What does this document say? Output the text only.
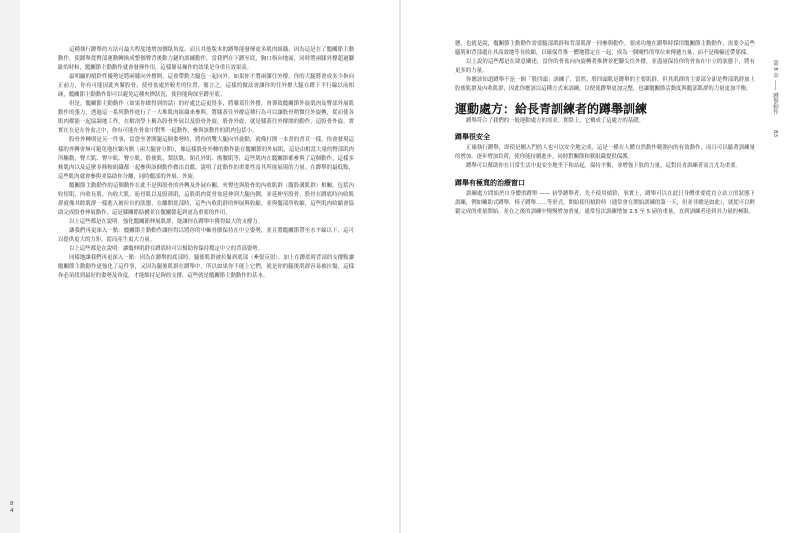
這種執行蹲舉的方法可最大程度地增加側臥角度，而且其他版本的蹲舉能發揮更多肌肉組織，因為這是在了髖關節主動動作，使蹲舉從臀部運動轉換成整個臀背後動力鏈的訓練動作，當我們在下蹲至底，胸口指向地面，同時將兩膝外撐超過腳趾的時候，髖關節主動動作就會發揮作用，這樣簡易操作的效果是身重且效果高。

最明顯的槓鈴性優勢是將兩膝向外撐開，這會帶動大腿包一起向外，如果你不將兩膝往外撐，你的大腿將會成多少指向正前方，你有可能因此夾緊股骨，使骨盆處於較差的位置。簡言之，這樣的做法會讓你的往外撐大腿在蹲下平行線以前相碰，髖關節主動動作即可以避免這種夾擠狀況，使你能夠深至蹲至底。

但是，髖關節主動動作（如果你做得到的話）的好處比這更得多，將膝蓋往外撐，會導致髖關節外旋肌肉及臀部外展肌動作的張力，透過這一系列動作進行了一大堆肌肉組織來參與，將膝蓋往外撐這種行為可以讓股骨稍微往外旋轉，從而使各肌肉都能一起協調地工作，在解剖學上稱為股骨外展以及股骨外旋。股骨外旋，就是膝蓋往外撐開的動作，這股骨外旋，實實在在是在骨盆之中，你有可能在骨盆中對準一起動作，參與該動作的肌肉包括小。

股骨外轉則是另一件事，當您坐著開腿這個姿勢時，將你的雙大腿向外旋動，就像打開一本書的書頁一樣，你會發現這樣的外轉會無可避免地拉緊內側（兩大腿會分開），像這樣股骨外轉的動作能在髖關節的外展肌，這是由相當大量的臀部肌肉所驅動，臀大肌、臀中肌、臀小肌，股後肌、梨狀肌，閉孔外肌、髂腰肌等，這些肌肉在髖關節都參與了這個動作，這樣多條肌肉以及這麼多條較組織都一起參與該個動作做出貢獻，說明了此動作的重要性及其所能展現的力量。在蹲舉的最低點，這些肌肉就會參與並協助你分離，同時髖部的外展、外旋。

髖關節主動動作的這個動作在此不是與股骨的外轉及外展有關，夾臀也與股骨的內收肌群（腹股溝肌群）相關，包括內收短肌、內收長肌、內收大肌、恥骨肌以及股薄肌，這股肌肉從骨盆延伸到大腿內側，並延伸至股骨，股骨在蹲底時內收肌群就像其餘肌群一樣進入被拉長的狀態，在離開底部時，這些內收肌群的伸展與收縮，並與髖部所收縮，這些肌肉收縮會協助完成股骨伸展動作，這是膝關節結構並在髖關節起到更為重要的作用。

以上這些都是在說明：強化髖關節伸展肌群，能讓你在蹲舉中獲得最大的支撐力。

讓我們再更深入一點：髖關節主動動作讓你得以將你的中軸骨骼保持在中立姿勢，並且將髖關節帶至水平線以下，這可以提供更大的力矩，從而產生更大力量。

以上這些都是在說明：讓髖伸肌群在蹲底時可以幫助你保持穩定中立的背部姿勢。

同樣地讓我們再更深入一點：因為在蹲舉的底部時，腿後肌群被拉緊到底部（牽張反射），加上在蹲底時背部的支撐點讓髖關節主動動作更強化了這件事，又因為腿後肌群在蹲舉中，所以如果你不能上它們，就是你的腿後肌群容易被拉傷，這樣你必須找到最好的姿勢及角度，才能維持足夠的支撐，這些就是髖關節主動動作的基本。

8
4

懸，也就是說，髖關節主動動作需要腿部肌群和背部肌群一同參與動作，要成功地在蹲舉時採用髖關節主動動作，需要令這些腿肌和背部處在其高效地等長收縮，以確保背推一體地穩定在一起，成為一個剛性的單位來傳遞力量，而不是像輸送帶那樣。

以上說的這些都是在肆意闡述，當你的骨盆向內旋轉著推擠並把腳尖往外撐，並盡量保持你的骨盆在中立的狀態下，將有更多的力量。

你應該知道蹲舉不是一個「股四頭」訓練了，當然，股四頭肌是蹲舉的主要肌群，但其肌群的主要部分卻是臀部肌群加上股後肌群及內收肌群，因此你應該以這種方式來訓練，以便使蹲舉更加完整，也讓髖關節活動度與髖部肌群的力量更加平衡。

運動處方：給長青訓練者的蹲舉訓練

蹲舉符合了我們的一般運動處方的需求，實際上，它構成了這處方的基礎。

蹲舉很安全

正確執行蹲舉，即使是剛入門的人也可以安全地完成，這是一種在人體自然動作範圍內的有效動作，而且可以隨著訓練量的增加，逐步增加負荷，使你能持續進步，同時對關節和軟組織提供保護。

蹲舉可以幫助你在日常生活中更安全地坐下和站起，保持平衡，並增強下肢的力量，這對長青訓練者而言尤為重要。

蹲舉有極寬的治療窗口

訓練處方問始於自身體重蹲舉 —— 初學蹲舉者，先不使用槓鈴，事實上，蹲舉可以在此日身體重要從直立站立的狀態下訓練，例如輔助式蹲舉，椅子蹲舉……等形式，開始使用槓鈴時（通常會在開始訓練的第一天，但並非總是如此），就從可以輕鬆完成的重量開始，並在之後的訓練中慢慢增加重量，通常每次訓練增加 2.5 至 5 磅的重量，直到訓練者達到其力量的極限。

第 8 章 —— 蹲舉動作
83
